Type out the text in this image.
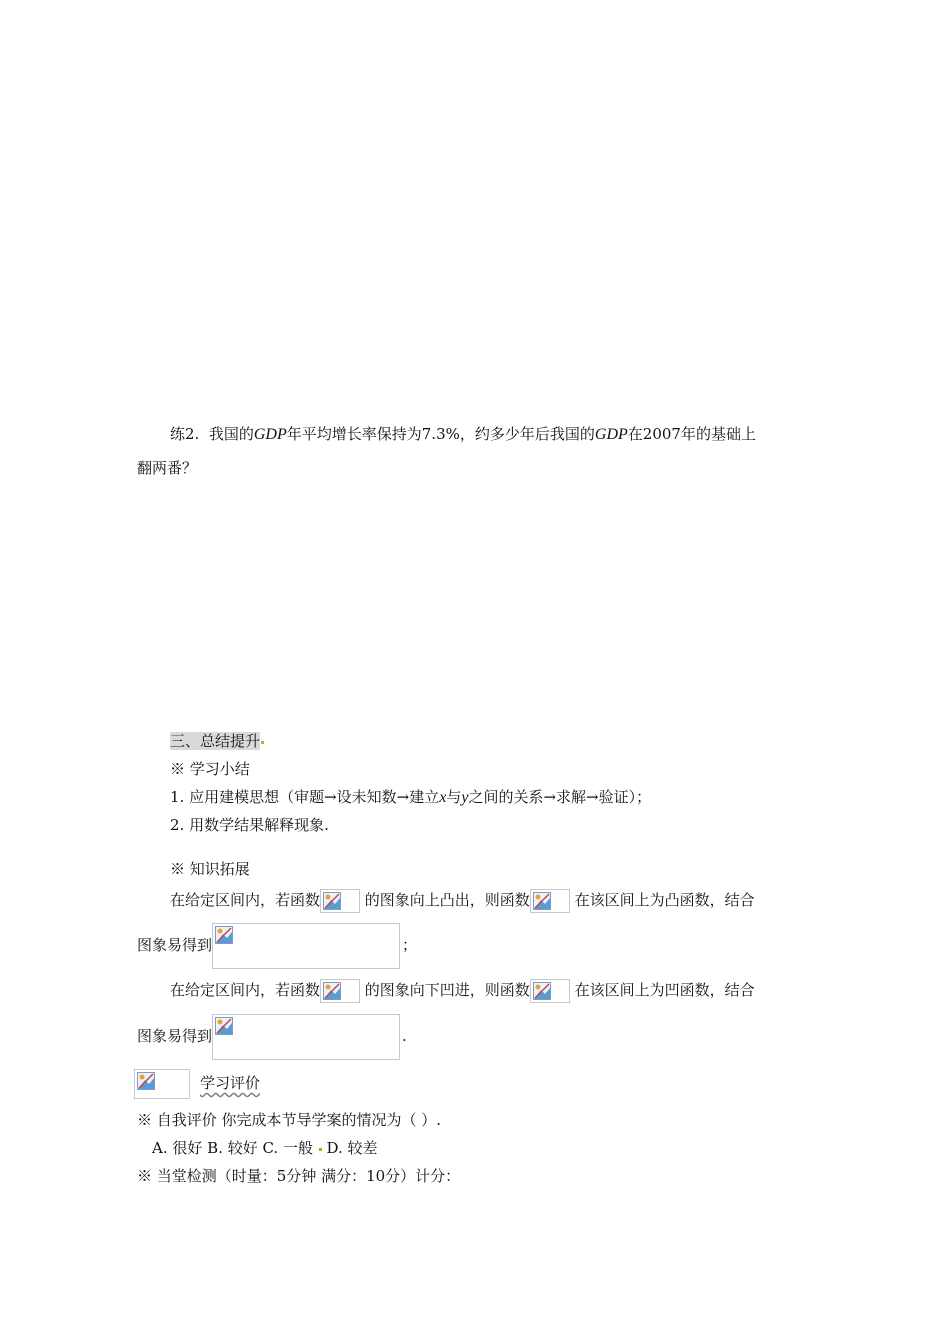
练2. 我国的GDP年平均增长率保持为7.3%，约多少年后我国的GDP在2007年的基础上
翻两番？
三、总结提升
※ 学习小结
1. 应用建模思想（审题→设未知数→建立x与y之间的关系→求解→验证）；
2. 用数学结果解释现象.
※ 知识拓展
在给定区间内，若函数	的图象向上凸出，则函数	在该区间上为凸函数，结合
图象易得到	；
在给定区间内，若函数	的图象向下凹进，则函数	在该区间上为凹函数，结合
图象易得到	.
学习评价
※ 自我评价 你完成本节导学案的情况为（ ）.
A. 很好 B. 较好 C. 一般 D. 较差
※ 当堂检测（时量：5分钟 满分：10分）计分：
